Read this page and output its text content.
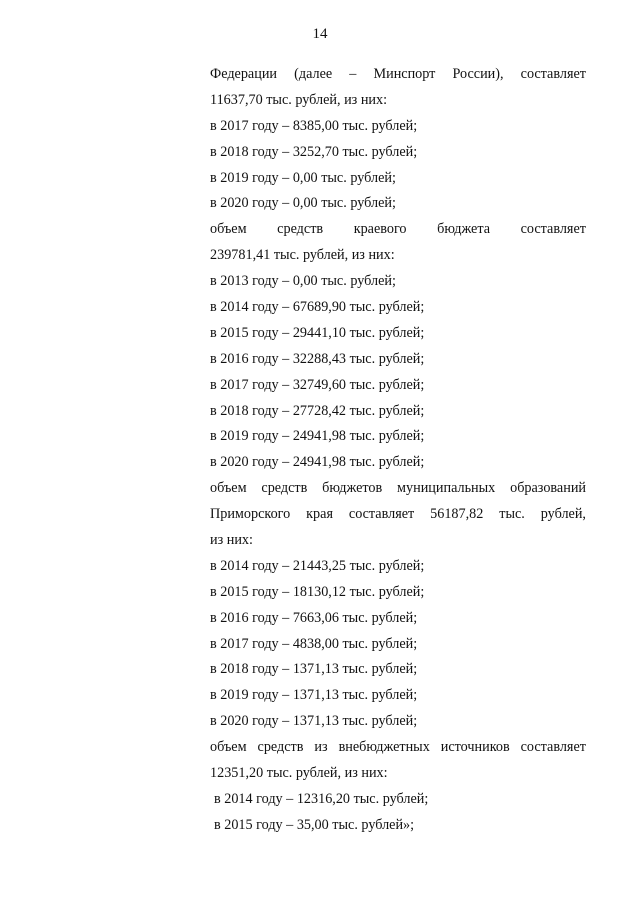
14
Федерации (далее – Минспорт России), составляет
11637,70 тыс. рублей, из них:
в 2017 году – 8385,00 тыс. рублей;
в 2018 году – 3252,70 тыс. рублей;
в 2019 году – 0,00 тыс. рублей;
в 2020 году – 0,00 тыс. рублей;
объем средств краевого бюджета составляет
239781,41 тыс. рублей, из них:
в 2013 году – 0,00 тыс. рублей;
в 2014 году – 67689,90 тыс. рублей;
в 2015 году – 29441,10 тыс. рублей;
в 2016 году – 32288,43 тыс. рублей;
в 2017 году – 32749,60 тыс. рублей;
в 2018 году – 27728,42 тыс. рублей;
в 2019 году – 24941,98 тыс. рублей;
в 2020 году – 24941,98 тыс. рублей;
объем средств бюджетов муниципальных образований
Приморского края составляет 56187,82 тыс. рублей,
из них:
в 2014 году – 21443,25 тыс. рублей;
в 2015 году – 18130,12 тыс. рублей;
в 2016 году – 7663,06 тыс. рублей;
в 2017 году – 4838,00 тыс. рублей;
в 2018 году – 1371,13 тыс. рублей;
в 2019 году – 1371,13 тыс. рублей;
в 2020 году – 1371,13 тыс. рублей;
объем средств из внебюджетных источников составляет
12351,20 тыс. рублей, из них:
в 2014 году – 12316,20 тыс. рублей;
в 2015 году – 35,00 тыс. рублей»;
